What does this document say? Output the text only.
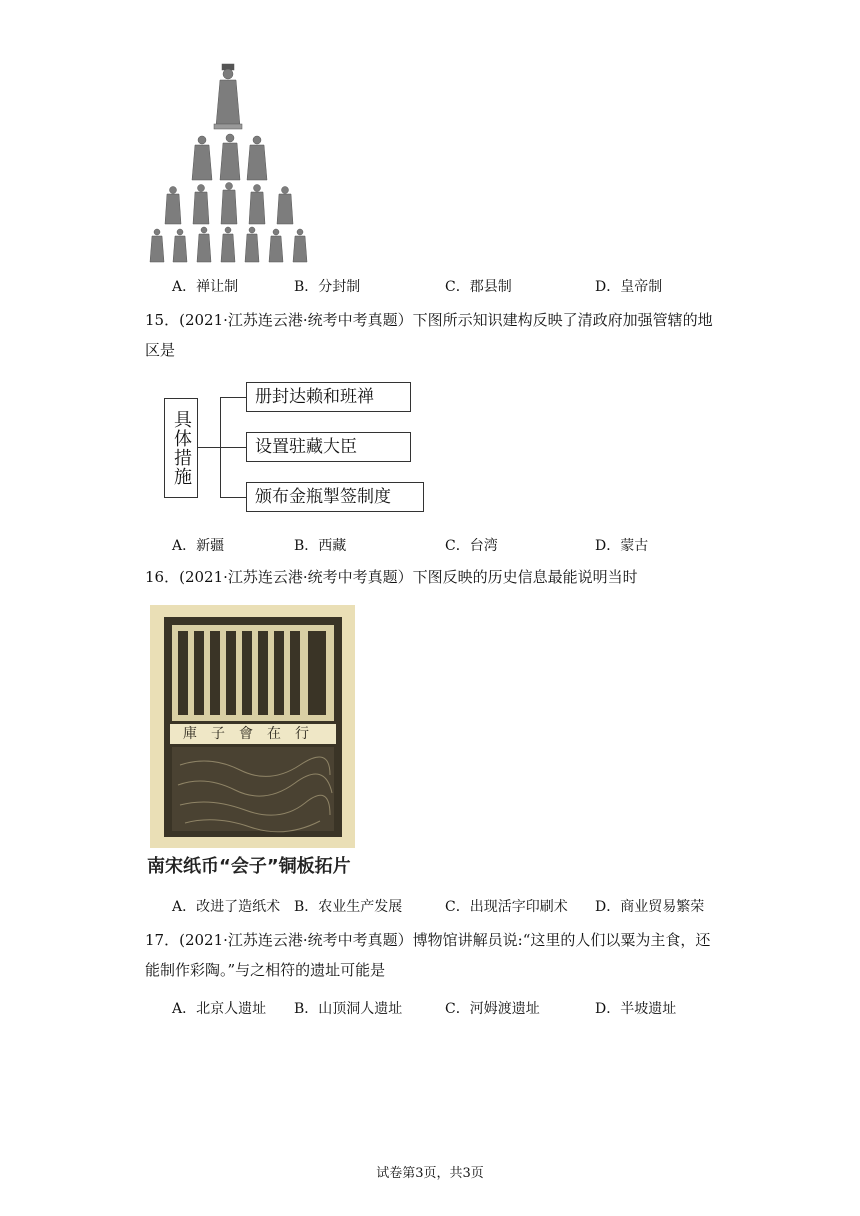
A．禅让制	B．分封制	C．郡县制	D．皇帝制
15．(2021·江苏连云港·统考中考真题）下图所示知识建构反映了清政府加强管辖的地区是
具体措施
册封达赖和班禅
设置驻藏大臣
颁布金瓶掣签制度
A．新疆	B．西藏	C．台湾	D．蒙古
16．(2021·江苏连云港·统考中考真题）下图反映的历史信息最能说明当时
行在會子庫
南宋纸币“会子”铜板拓片
A．改进了造纸术 B．农业生产发展	C．出现活字印刷术 D．商业贸易繁荣
17．(2021·江苏连云港·统考中考真题）博物馆讲解员说:“这里的人们以粟为主食，还能制作彩陶。”与之相符的遗址可能是
A．北京人遗址 B．山顶洞人遗址	C．河姆渡遗址	D．半坡遗址
试卷第3页，共3页
